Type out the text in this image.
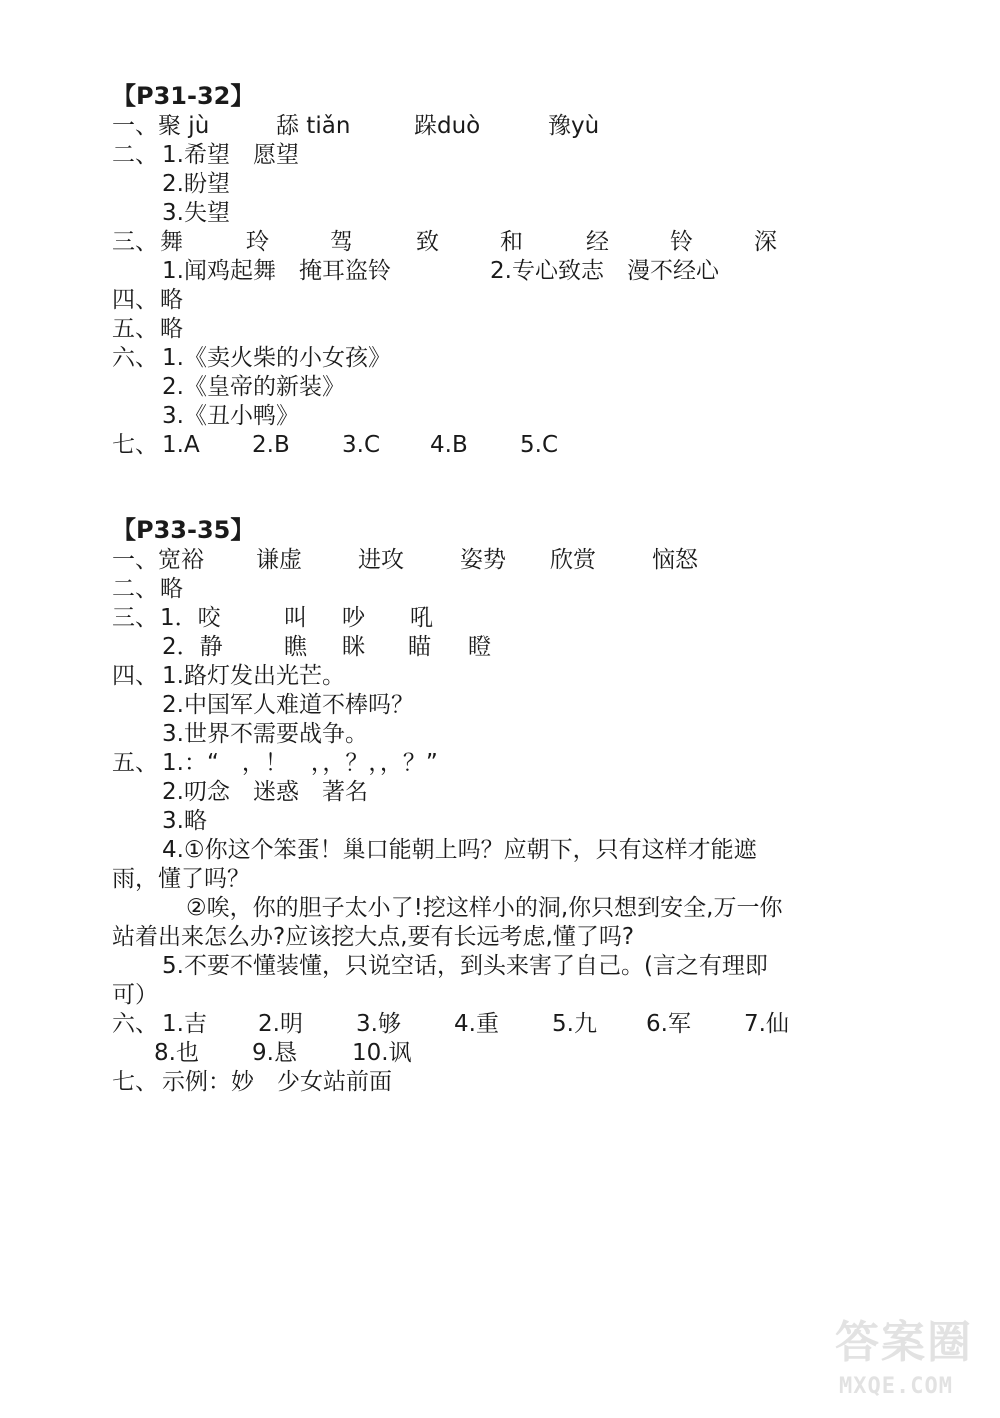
【P31-32】

一、

聚 jù

	舔 tiǎn

	跺duò

	豫yù

二、

1.希望　愿望

2.盼望

3.失望

三、

舞

	玲

	驾

	致

	和

	经

	铃

	深

1.闻鸡起舞　掩耳盗铃

	2.专心致志　漫不经心

四、

略

五、

略

六、

1.《卖火柴的小女孩》

2.《皇帝的新装》

3.《丑小鸭》

七、

1.A

2.B

3.C

4.B

5.C

【P33-35】

一、

宽裕

谦虚

进攻

姿势

欣赏

恼怒

二、

略

三、

1．咬

	叫

吵

吼

2．静

	瞧

眯

瞄

瞪

四、

1.路灯发出光芒。

2.中国军人难道不棒吗？

3.世界不需要战争。

五、

1.：“　，！　，，？，，？”

2.叨念　迷惑　著名

3.略

4.①你这个笨蛋！巢口能朝上吗？应朝下，只有这样才能遮

雨，懂了吗？

②唉，你的胆子太小了!挖这样小的洞,你只想到安全,万一你

站着出来怎么办?应该挖大点,要有长远考虑,懂了吗?

5.不要不懂装懂，只说空话，到头来害了自己。(言之有理即

可）

六、

1.吉

2.明

3.够

4.重

5.九

6.军

7.仙

8.也

9.恳

10.讽

七、

示例：妙　少女站前面

答案圈
MXQE.COM
